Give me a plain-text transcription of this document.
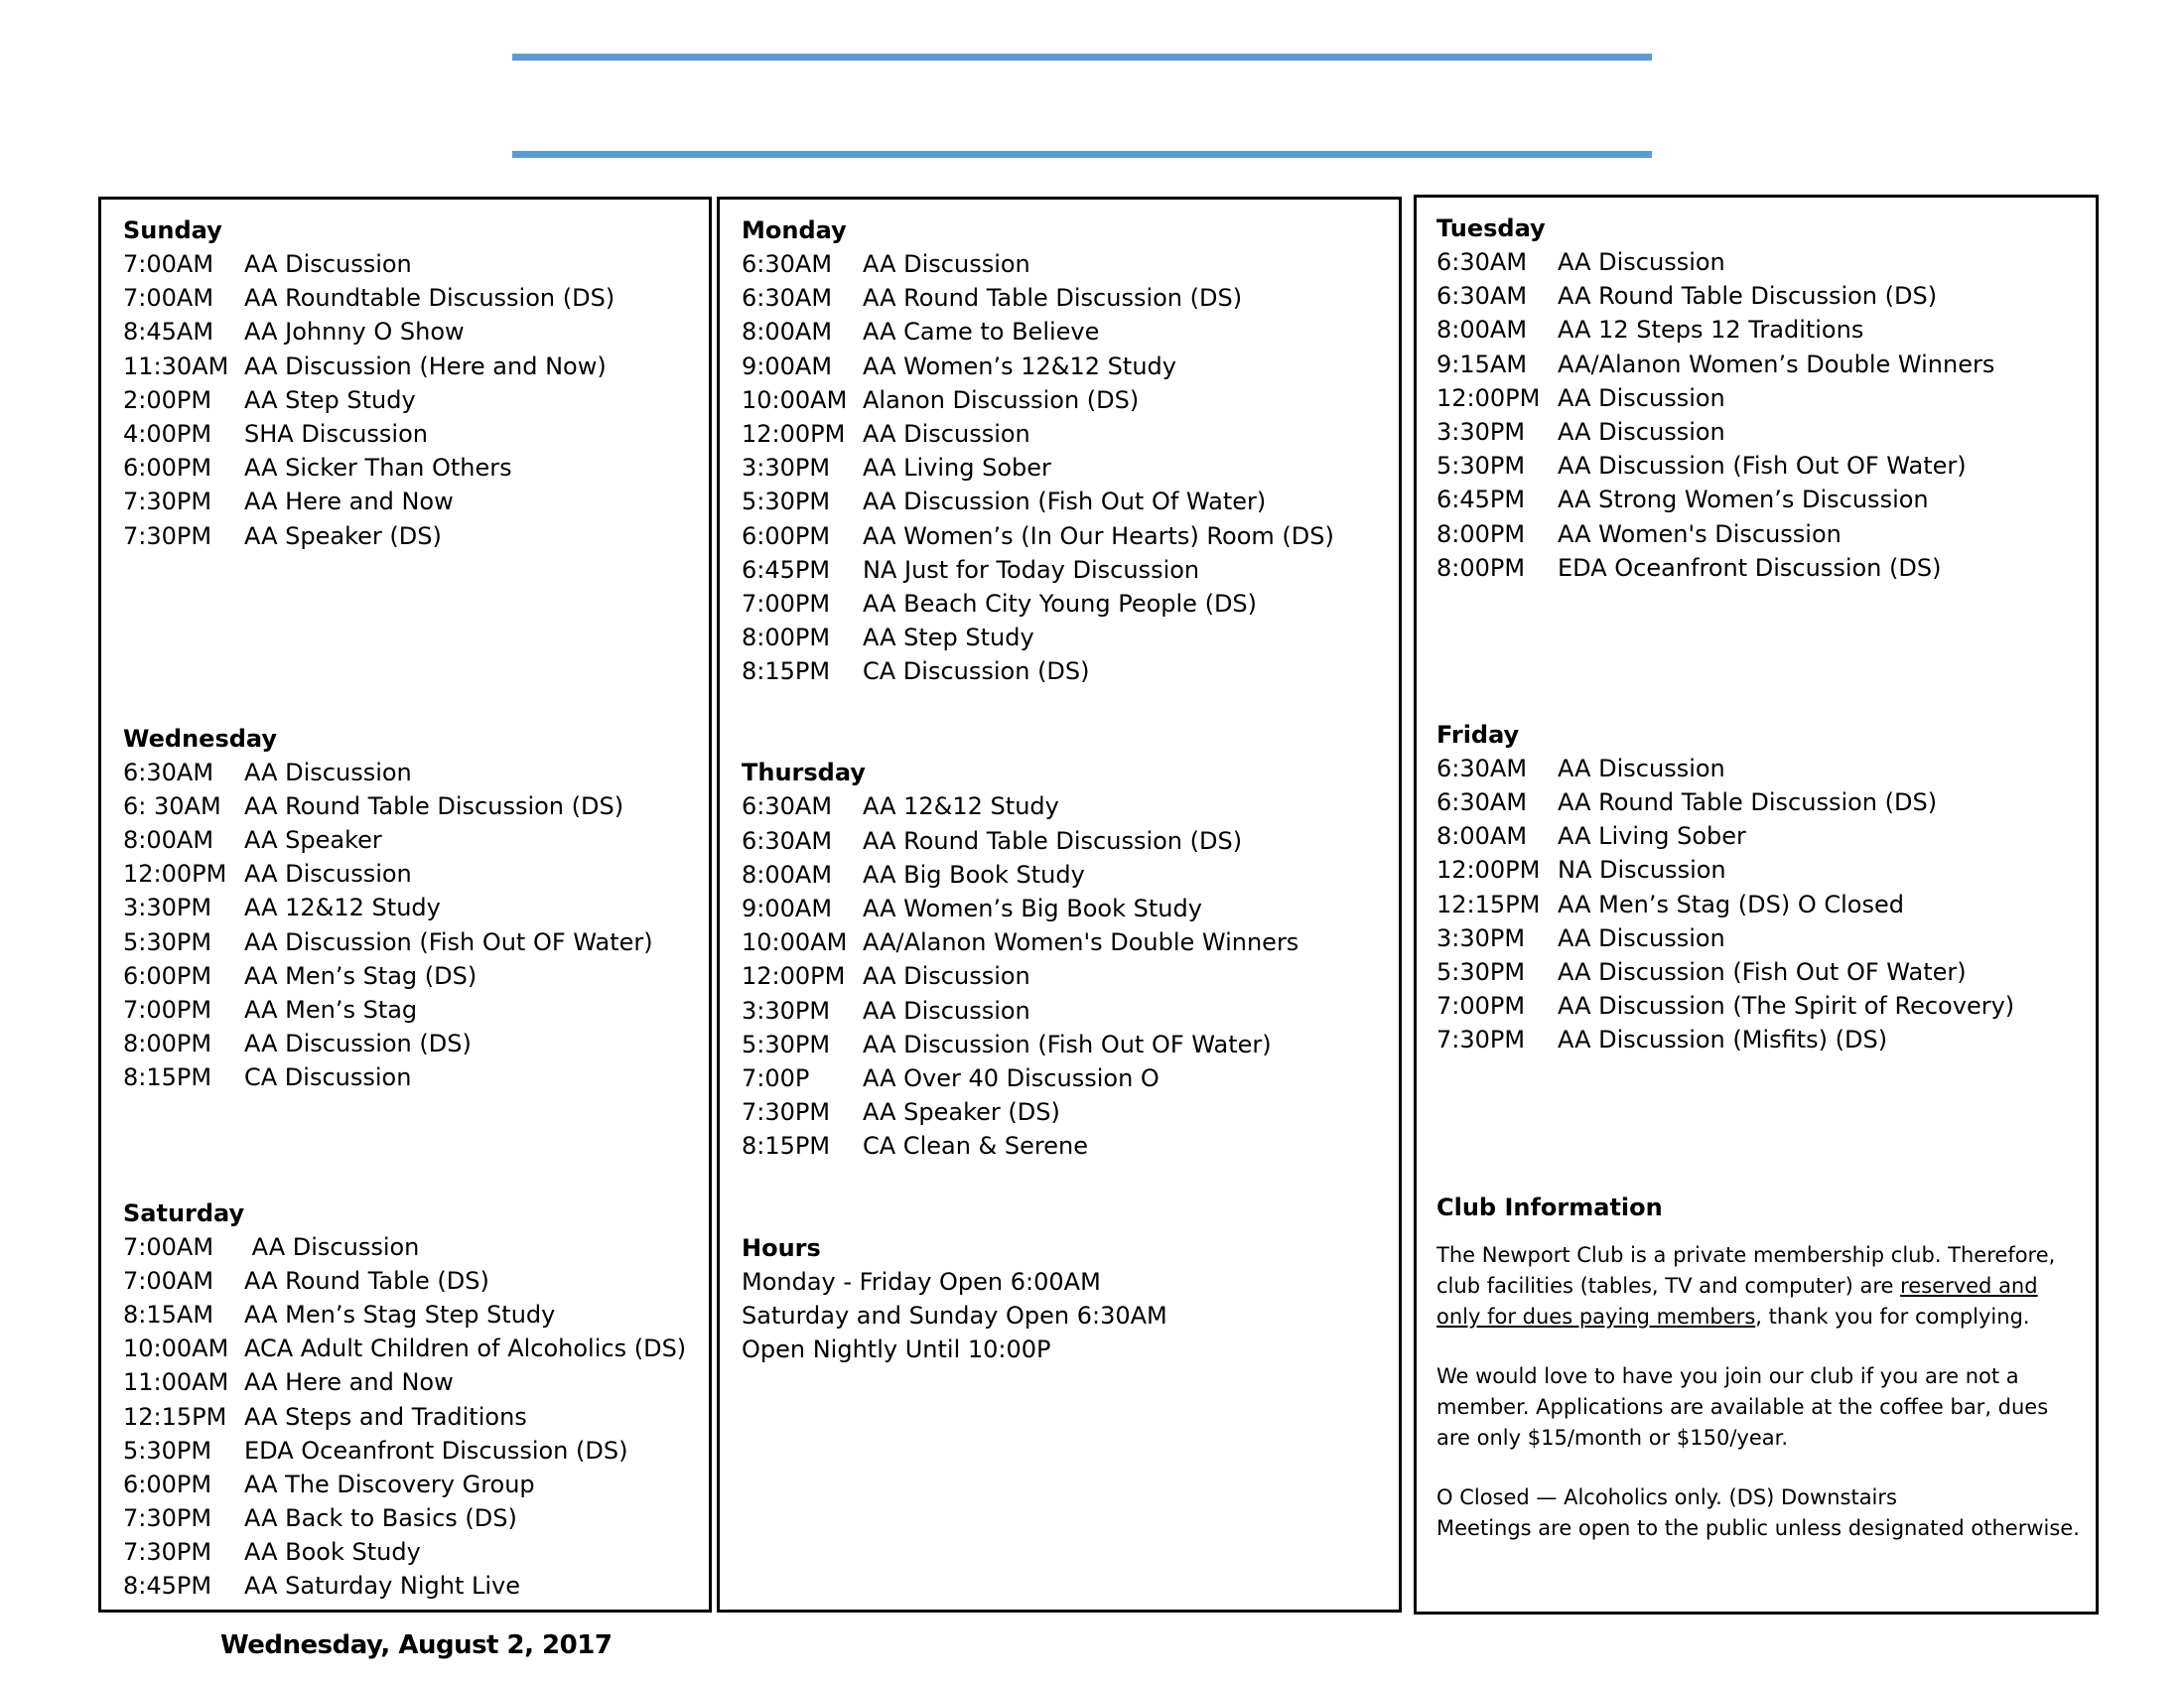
Sunday
7:00AM AA Discussion
7:00AM AA Roundtable Discussion (DS)
8:45AM AA Johnny O Show
11:30AM AA Discussion (Here and Now)
2:00PM AA Step Study
4:00PM SHA Discussion
6:00PM AA Sicker Than Others
7:30PM AA Here and Now
7:30PM AA Speaker (DS)
Wednesday
6:30AM AA Discussion
6: 30AM AA Round Table Discussion (DS)
8:00AM AA Speaker
12:00PM AA Discussion
3:30PM AA 12&12 Study
5:30PM AA Discussion (Fish Out OF Water)
6:00PM AA Men’s Stag (DS)
7:00PM AA Men’s Stag
8:00PM AA Discussion (DS)
8:15PM CA Discussion
Saturday
7:00AM AA Discussion
7:00AM AA Round Table (DS)
8:15AM AA Men’s Stag Step Study
10:00AM ACA Adult Children of Alcoholics (DS)
11:00AM AA Here and Now
12:15PM AA Steps and Traditions
5:30PM EDA Oceanfront Discussion (DS)
6:00PM AA The Discovery Group
7:30PM AA Back to Basics (DS)
7:30PM AA Book Study
8:45PM AA Saturday Night Live
Monday
6:30AM AA Discussion
6:30AM AA Round Table Discussion (DS)
8:00AM AA Came to Believe
9:00AM AA Women’s 12&12 Study
10:00AM Alanon Discussion (DS)
12:00PM AA Discussion
3:30PM AA Living Sober
5:30PM AA Discussion (Fish Out Of Water)
6:00PM AA Women’s (In Our Hearts) Room (DS)
6:45PM NA Just for Today Discussion
7:00PM AA Beach City Young People (DS)
8:00PM AA Step Study
8:15PM CA Discussion (DS)
Thursday
6:30AM AA 12&12 Study
6:30AM AA Round Table Discussion (DS)
8:00AM AA Big Book Study
9:00AM AA Women’s Big Book Study
10:00AM AA/Alanon Women's Double Winners
12:00PM AA Discussion
3:30PM AA Discussion
5:30PM AA Discussion (Fish Out OF Water)
7:00P AA Over 40 Discussion O
7:30PM AA Speaker (DS)
8:15PM CA Clean & Serene
Hours
Monday - Friday Open 6:00AM
Saturday and Sunday Open 6:30AM
Open Nightly Until 10:00P
Tuesday
6:30AM AA Discussion
6:30AM AA Round Table Discussion (DS)
8:00AM AA 12 Steps 12 Traditions
9:15AM AA/Alanon Women’s Double Winners
12:00PM AA Discussion
3:30PM AA Discussion
5:30PM AA Discussion (Fish Out OF Water)
6:45PM AA Strong Women’s Discussion
8:00PM AA Women's Discussion
8:00PM EDA Oceanfront Discussion (DS)
Friday
6:30AM AA Discussion
6:30AM AA Round Table Discussion (DS)
8:00AM AA Living Sober
12:00PM NA Discussion
12:15PM AA Men’s Stag (DS) O Closed
3:30PM AA Discussion
5:30PM AA Discussion (Fish Out OF Water)
7:00PM AA Discussion (The Spirit of Recovery)
7:30PM AA Discussion (Misfits) (DS)
Club Information

The Newport Club is a private membership club. Therefore, club facilities (tables, TV and computer) are reserved and only for dues paying members, thank you for complying.

We would love to have you join our club if you are not a member. Applications are available at the coffee bar, dues are only $15/month or $150/year.

O Closed — Alcoholics only. (DS) Downstairs
Meetings are open to the public unless designated otherwise.
Wednesday, August 2, 2017
